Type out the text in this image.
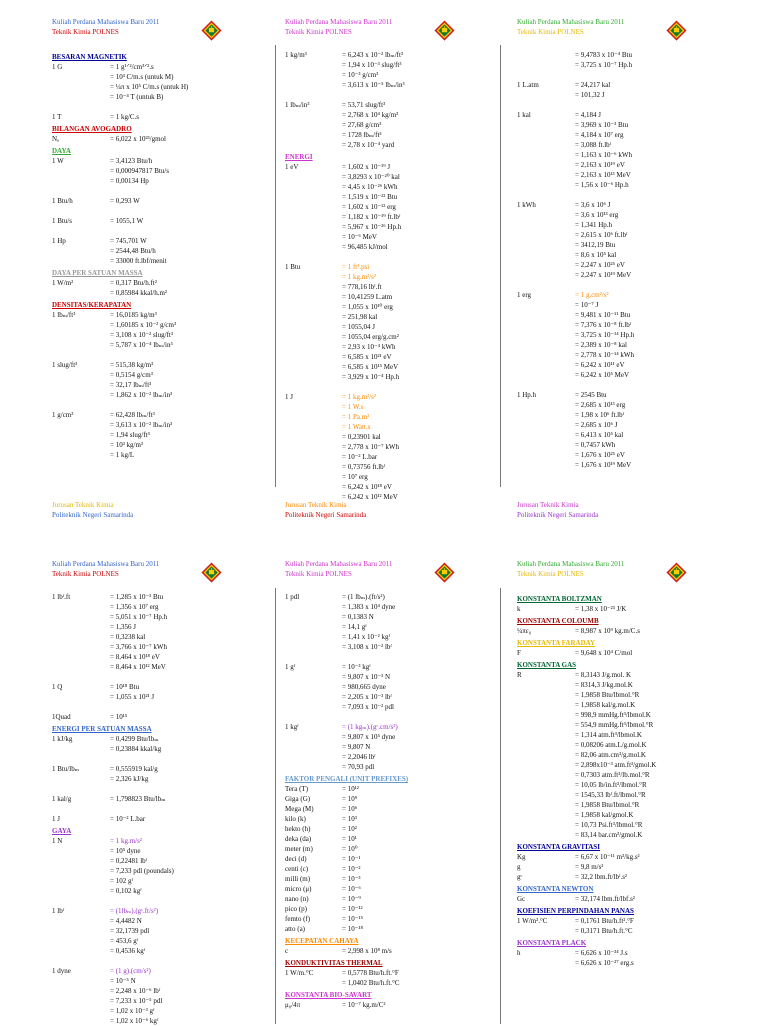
Kuliah Perdana Mahasiswa Baru 2011
Teknik Kimia POLNES
Jurusan Teknik Kimia
Politeknik Negeri Samarinda
BESARAN MAGNETIK
1 G	= 1 g¹ᐟ²/cm³ᐟ².s
= 10³ C/m.s (untuk M)
= ¼π x 10⁵ C/m.s (untuk H)
= 10⁻⁴ T (untuk B)
1 T	= 1 kg/C.s
BILANGAN AVOGADRO
Nₐ	= 6,022 x 10²³/gmol
DAYA
1 W	= 3,4123 Btu/h
= 0,000947817 Btu/s
= 0,00134 Hp
1 Btu/h	= 0,293 W
1 Btu/s	= 1055,1 W
1 Hp	= 745,701 W
= 2544,48 Btu/h
= 33000 ft.lbf/menit
DAYA PER SATUAN MASSA
1 W/m²	= 0,317 Btu/h.ft²
= 0,85984 kkal/h.m²
DENSITAS/KERAPATAN
1 lbₘ/ft³	= 16,0185 kg/m³
= 1,60185 x 10⁻² g/cm³
= 3,108 x 10⁻² slug/ft³
= 5,787 x 10⁻⁴ lbₘ/in³
1 slug/ft³	= 515,38 kg/m³
= 0,5154 g/cm³
= 32,17 lbₘ/ft³
= 1,862 x 10⁻² lbₘ/in³
1 g/cm³	= 62,428 lbₘ/ft³
= 3,613 x 10⁻² lbₘ/in³
= 1,94 slug/ft³
= 10³ kg/m³
= 1 kg/L
Kuliah Perdana Mahasiswa Baru 2011
Teknik Kimia POLNES
Jurusan Teknik Kimia
Politeknik Negeri Samarinda
1 kg/m³	= 6,243 x 10⁻² lbₘ/ft³
= 1,94 x 10⁻³ slug/ft³
= 10⁻³ g/cm³
= 3,613 x 10⁻⁵ lbₘ/in³
1 lbₘ/in³	= 53,71 slug/ft³
= 2,768 x 10⁴ kg/m³
= 27,68 g/cm³
= 1728 lbₘ/ft³
= 2,78 x 10⁻⁴ yard
ENERGI
1 eV	= 1,602 x 10⁻¹⁹ J
= 3,8293 x 10⁻²⁰ kal
= 4,45 x 10⁻²⁶ kWh
= 1,519 x 10⁻²² Btu
= 1,602 x 10⁻¹² erg
= 1,182 x 10⁻¹⁹ ft.lbᶠ
= 5,967 x 10⁻²⁶ Hp.h
= 10⁻⁶ MeV
= 96,485 kJ/mol
1 Btu	= 1 ft³.psi
= 1 kg.m²/s²
= 778,16 lbᶠ.ft
= 10,41259 L.atm
= 1,055 x 10¹⁰ erg
= 251,98 kal
= 1055,04 J
= 1055,04 erg/g.cm²
= 2,93 x 10⁻⁴ kWh
= 6,585 x 10²¹ eV
= 6,585 x 10¹⁵ MeV
= 3,929 x 10⁻⁴ Hp.h
1 J	= 1 kg.m²/s²
= 1 W.s
= 1 Pa.m³
= 1 Watt.s
= 0,23901 kal
= 2,778 x 10⁻⁷ kWh
= 10⁻² L.bar
= 0,73756 ft.lbᶠ
= 10⁷ erg
= 6,242 x 10¹⁸ eV
= 6,242 x 10¹² MeV
Kuliah Perdana Mahasiswa Baru 2011
Teknik Kimia POLNES
Jurusan Teknik Kimia
Politeknik Negeri Samarinda
= 9,4783 x 10⁻⁴ Btu
= 3,725 x 10⁻⁷ Hp.h
1 L.atm	= 24,217 kal
= 101,32 J
1 kal	= 4,184 J
= 3,969 x 10⁻³ Btu
= 4,184 x 10⁷ erg
= 3,088 ft.lbᶠ
= 1,163 x 10⁻⁶ kWh
= 2,163 x 10¹⁹ eV
= 2,163 x 10¹³ MeV
= 1,56 x 10⁻⁶ Hp.h
1 kWh	= 3,6 x 10⁶ J
= 3,6 x 10¹³ erg
= 1,341 Hp.h
= 2,615 x 10⁶ ft.lbᶠ
= 3412,19 Btu
= 8,6 x 10⁵ kal
= 2,247 x 10²⁵ eV
= 2,247 x 10¹⁹ MeV
1 erg	= 1 g.cm²/s²
= 10⁻⁷ J
= 9,481 x 10⁻¹¹ Btu
= 7,376 x 10⁻⁸ ft.lbᶠ
= 3,725 x 10⁻¹⁴ Hp.h
= 2,389 x 10⁻⁸ kal
= 2,778 x 10⁻¹⁴ kWh
= 6,242 x 10¹¹ eV
= 6,242 x 10⁵ MeV
1 Hp.h	= 2545 Btu
= 2,685 x 10¹³ erg
= 1,98 x 10⁶ ft.lbᶠ
= 2,685 x 10⁶ J
= 6,413 x 10⁵ kal
= 0,7457 kWh
= 1,676 x 10²⁵ eV
= 1,676 x 10¹⁹ MeV
Kuliah Perdana Mahasiswa Baru 2011
Teknik Kimia POLNES
1 lbᶠ.ft	= 1,285 x 10⁻³ Btu
= 1,356 x 10⁷ erg
= 5,051 x 10⁻⁷ Hp.h
= 1,356 J
= 0,3238 kal
= 3,766 x 10⁻⁷ kWh
= 8,464 x 10¹⁸ eV
= 8,464 x 10¹² MeV
1 Q	= 10¹⁸ Btu
= 1,055 x 10²¹ J
1Quad	= 10¹⁵
ENERGI PER SATUAN MASSA
1 kJ/kg	= 0,4299 Btu/lbₘ
= 0,23884 kkal/kg
1 Btu/lbₘ	= 0,555919 kal/g
= 2,326 kJ/kg
1 kal/g	= 1,798823 Btu/lbₘ
1 J	= 10⁻² L.bar
GAYA
1 N	= 1 kg.m/s²
= 10⁵ dyne
= 0,22481 lbᶠ
= 7,233 pdl (poundals)
= 102 gᶠ
= 0,102 kgᶠ
1 lbᶠ	= (1lbₘ).(gᶜ.ft/s²)
= 4,4482 N
= 32,1739 pdl
= 453,6 gᶠ
= 0,4536 kgᶠ
1 dyne	= (1 g).(cm/s²)
= 10⁻⁵ N
= 2,248 x 10⁻⁶ lbᶠ
= 7,233 x 10⁻⁵ pdl
= 1,02 x 10⁻³ gᶠ
= 1,02 x 10⁻⁶ kgᶠ
Kuliah Perdana Mahasiswa Baru 2011
Teknik Kimia POLNES
1 pdl	= (1 lbₘ).(ft/s²)
= 1,383 x 10⁴ dyne
= 0,1383 N
= 14,1 gᶠ
= 1,41 x 10⁻² kgᶠ
= 3,108 x 10⁻² lbᶠ
1 gᶠ	= 10⁻³ kgᶠ
= 9,807 x 10⁻³ N
= 980,665 dyne
= 2,205 x 10⁻³ lbᶠ
= 7,093 x 10⁻² pdl
1 kgᶠ	= (1 kgₘ).(gᶜ.cm/s²)
= 9,807 x 10⁵ dyne
= 9,807 N
= 2,2046 lbᶠ
= 70,93 pdl
FAKTOR PENGALI (UNIT PREFIXES)
Tera (T)	= 10¹²
Giga (G)	= 10⁹
Mega (M)	= 10⁶
kilo (k)	= 10³
hekto (h)	= 10²
deka (da)	= 10¹
meter (m)	= 10⁰
deci (d)	= 10⁻¹
centi (c)	= 10⁻²
milli (m)	= 10⁻³
micro (μ)	= 10⁻⁶
nano (n)	= 10⁻⁹
pico (p)	= 10⁻¹²
femto (f)	= 10⁻¹⁵
atto (a)	= 10⁻¹⁸
KECEPATAN CAHAYA
c	= 2,998 x 10⁸ m/s
KONDUKTIVITAS THERMAL
1 W/m.°C	= 0,5778 Btu/h.ft.°F
= 1,0402 Btu/h.ft.°C
KONSTANTA BIO-SAVART
μ₀/4π	= 10⁻⁷ kg.m/C²
Kuliah Perdana Mahasiswa Baru 2011
Teknik Kimia POLNES
KONSTANTA BOLTZMAN
k	= 1,38 x 10⁻²³ J/K
KONSTANTA COLOUMB
¼πε₀	= 8,987 x 10⁹ kg.m/C.s
KONSTANTA FARADAY
F	= 9,648 x 10⁴ C/mol
KONSTANTA GAS
R	= 8,3143 J/g.mol. K
= 8314,3 J/kg.mol.K
= 1,9858 Btu/lbmol.°R
= 1,9858 kal/g.mol.K
= 998,9 mmHg.ft³/lbmol.K
= 554,9 mmHg.ft³/lbmol.°R
= 1,314 atm.ft³/lbmol.K
= 0,08206 atm.L/g.mol.K
= 82,06 atm.cm³/g.mol.K
= 2,898x10⁻³ atm.ft³/gmol.K
= 0,7303 atm.ft³/lb.mol.°R
= 10,05 lb/in.ft³/lbmol.°R
= 1545,33 lbᶠ.ft/lbmol.°R
= 1,9858 Btu/lbmol.°R
= 1,9858 kal/gmol.K
= 10,73 Psi.ft³/lbmol.°R
= 83,14 bar.cm³/gmol.K
KONSTANTA GRAVITASI
Kg	= 6,67 x 10⁻¹¹ m³/kg.s²
g	= 9,8 m/s²
gᶜ	= 32,2 lbm.ft/lbᶠ.s²
KONSTANTA NEWTON
Gc	= 32,174 lbm.ft/lbf.s²
KOEFISIEN PERPINDAHAN PANAS
1 W/m².°C	= 0,1761 Btu/h.ft².°F
= 0,3171 Btu/h.ft.°C
KONSTANTA PLACK
h	= 6,626 x 10⁻³⁴ J.s
= 6,626 x 10⁻²⁷ erg.s
